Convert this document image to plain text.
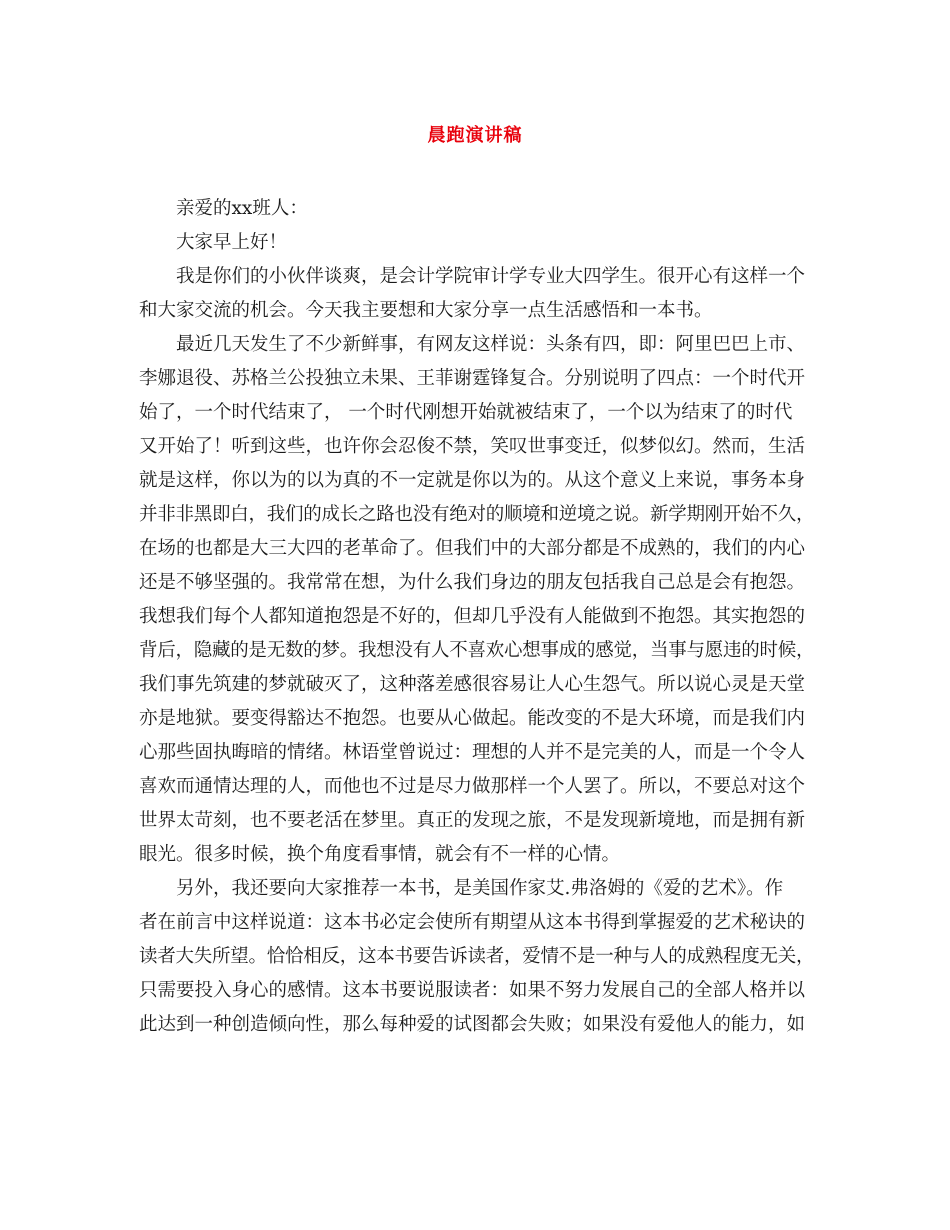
晨跑演讲稿
亲爱的xx班人：
大家早上好！
我是你们的小伙伴谈爽，是会计学院审计学专业大四学生。很开心有这样一个
和大家交流的机会。今天我主要想和大家分享一点生活感悟和一本书。
最近几天发生了不少新鲜事，有网友这样说：头条有四，即：阿里巴巴上市、
李娜退役、苏格兰公投独立未果、王菲谢霆锋复合。分别说明了四点：一个时代开
始了，一个时代结束了， 一个时代刚想开始就被结束了，一个以为结束了的时代
又开始了！听到这些，也许你会忍俊不禁，笑叹世事变迁，似梦似幻。然而，生活
就是这样，你以为的以为真的不一定就是你以为的。从这个意义上来说，事务本身
并非非黑即白，我们的成长之路也没有绝对的顺境和逆境之说。新学期刚开始不久，
在场的也都是大三大四的老革命了。但我们中的大部分都是不成熟的，我们的内心
还是不够坚强的。我常常在想，为什么我们身边的朋友包括我自己总是会有抱怨。
我想我们每个人都知道抱怨是不好的，但却几乎没有人能做到不抱怨。其实抱怨的
背后，隐藏的是无数的梦。我想没有人不喜欢心想事成的感觉，当事与愿违的时候，
我们事先筑建的梦就破灭了，这种落差感很容易让人心生怨气。所以说心灵是天堂
亦是地狱。要变得豁达不抱怨。也要从心做起。能改变的不是大环境，而是我们内
心那些固执晦暗的情绪。林语堂曾说过：理想的人并不是完美的人，而是一个令人
喜欢而通情达理的人，而他也不过是尽力做那样一个人罢了。所以，不要总对这个
世界太苛刻，也不要老活在梦里。真正的发现之旅，不是发现新境地，而是拥有新
眼光。很多时候，换个角度看事情，就会有不一样的心情。
另外，我还要向大家推荐一本书，是美国作家艾.弗洛姆的《爱的艺术》。作
者在前言中这样说道：这本书必定会使所有期望从这本书得到掌握爱的艺术秘诀的
读者大失所望。恰恰相反，这本书要告诉读者，爱情不是一种与人的成熟程度无关，
只需要投入身心的感情。这本书要说服读者：如果不努力发展自己的全部人格并以
此达到一种创造倾向性，那么每种爱的试图都会失败；如果没有爱他人的能力，如
